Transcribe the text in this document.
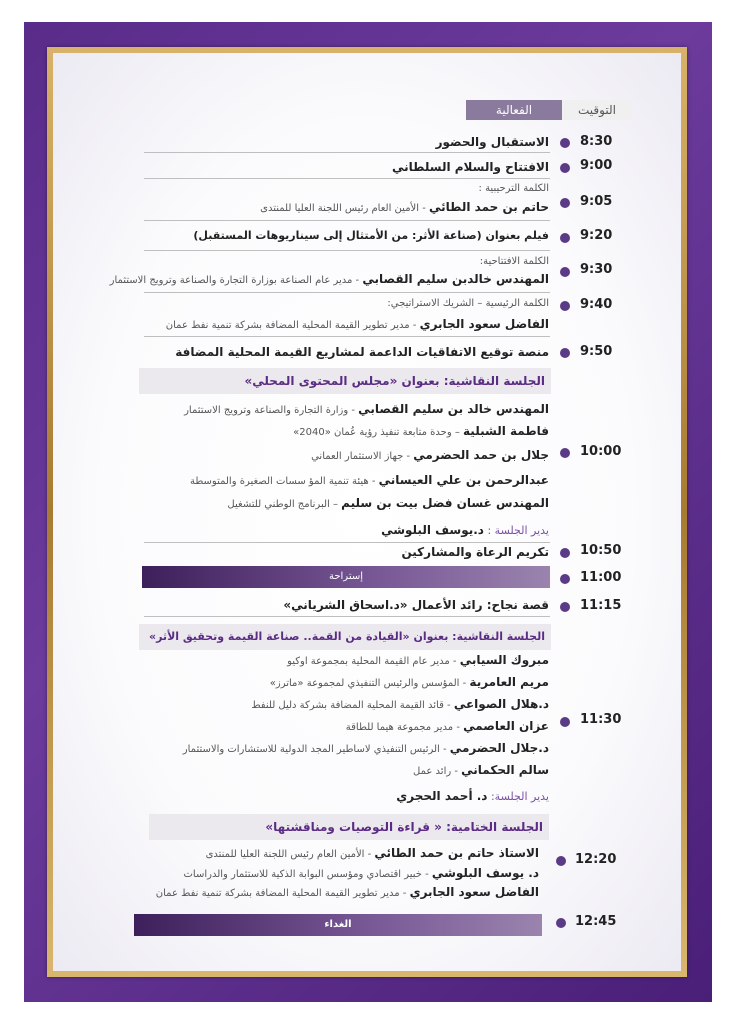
التوقيت
الفعالية
8:30
الاستقبال والحضور
9:00
الافتتاح والسلام السلطاني
9:05
الكلمة الترحيبية :
حاتم بن حمد الطائي - الأمين العام رئيس اللجنة العليا للمنتدى
9:20
فيلم بعنوان (صناعة الأثر: من الأمتثال إلى سيناريوهات المستقبل)
9:30
الكلمة الافتتاحية:
المهندس خالدبن سليم القصابي - مدير عام الصناعة بوزارة التجارة والصناعة وترويج الاستثمار
9:40
الكلمة الرئيسية – الشريك الاستراتيجي:
الفاضل سعود الجابري - مدير تطوير القيمة المحلية المضافة بشركة تنمية نفط عمان
9:50
منصة توقيع الاتفاقيات الداعمة لمشاريع القيمة المحلية المضافة
الجلسة النقاشية: بعنوان «مجلس المحتوى المحلي»
المهندس خالد بن سليم القصابي - وزارة التجارة والصناعة وترويج الاستثمار
فاطمة الشبلية – وحدة متابعة تنفيذ رؤية عُمان «2040»
جلال بن حمد الحضرمي - جهاز الاستثمار العماني
عبدالرحمن بن علي العيساني - هيئة تنمية المؤ سسات الصغيرة والمتوسطة
المهندس غسان فضل بيت بن سليم – البرنامج الوطني للتشغيل
10:00
يدير الجلسة : د.يوسف البلوشي
10:50
تكريم الرعاة والمشاركين
إستراحة	11:00
11:15
قصة نجاح: رائد الأعمال «د.اسحاق الشرياني»
الجلسة النقاشية: بعنوان «القيادة من القمة.. صناعة القيمة وتحقيق الأثر»
مبروك السيابي - مدير عام القيمة المحلية بمجموعة اوكيو
مريم العامرية - المؤسس والرئيس التنفيذي لمجموعة «ماترز»
د.هلال الصواعي - قائد القيمة المحلية المضافة بشركة دليل للنفط
عزان العاصمي - مدير مجموعة هيما للطاقة
د.جلال الحضرمي - الرئيس التنفيذي لاساطير المجد الدولية للاستشارات والاستثمار
سالم الحكماني - رائد عمل
11:30
يدير الجلسة: د. أحمد الحجري
الجلسة الختامية: « قراءة التوصيات ومناقشتها»
الاستاذ حاتم بن حمد الطائي - الأمين العام رئيس اللجنة العليا للمنتدى
د. يوسف البلوشي - خبير اقتصادي ومؤسس البوابة الذكية للاستثمار والدراسات
الفاضل سعود الجابري - مدير تطوير القيمة المحلية المضافة بشركة تنمية نفط عمان
12:20
الغداء	12:45
